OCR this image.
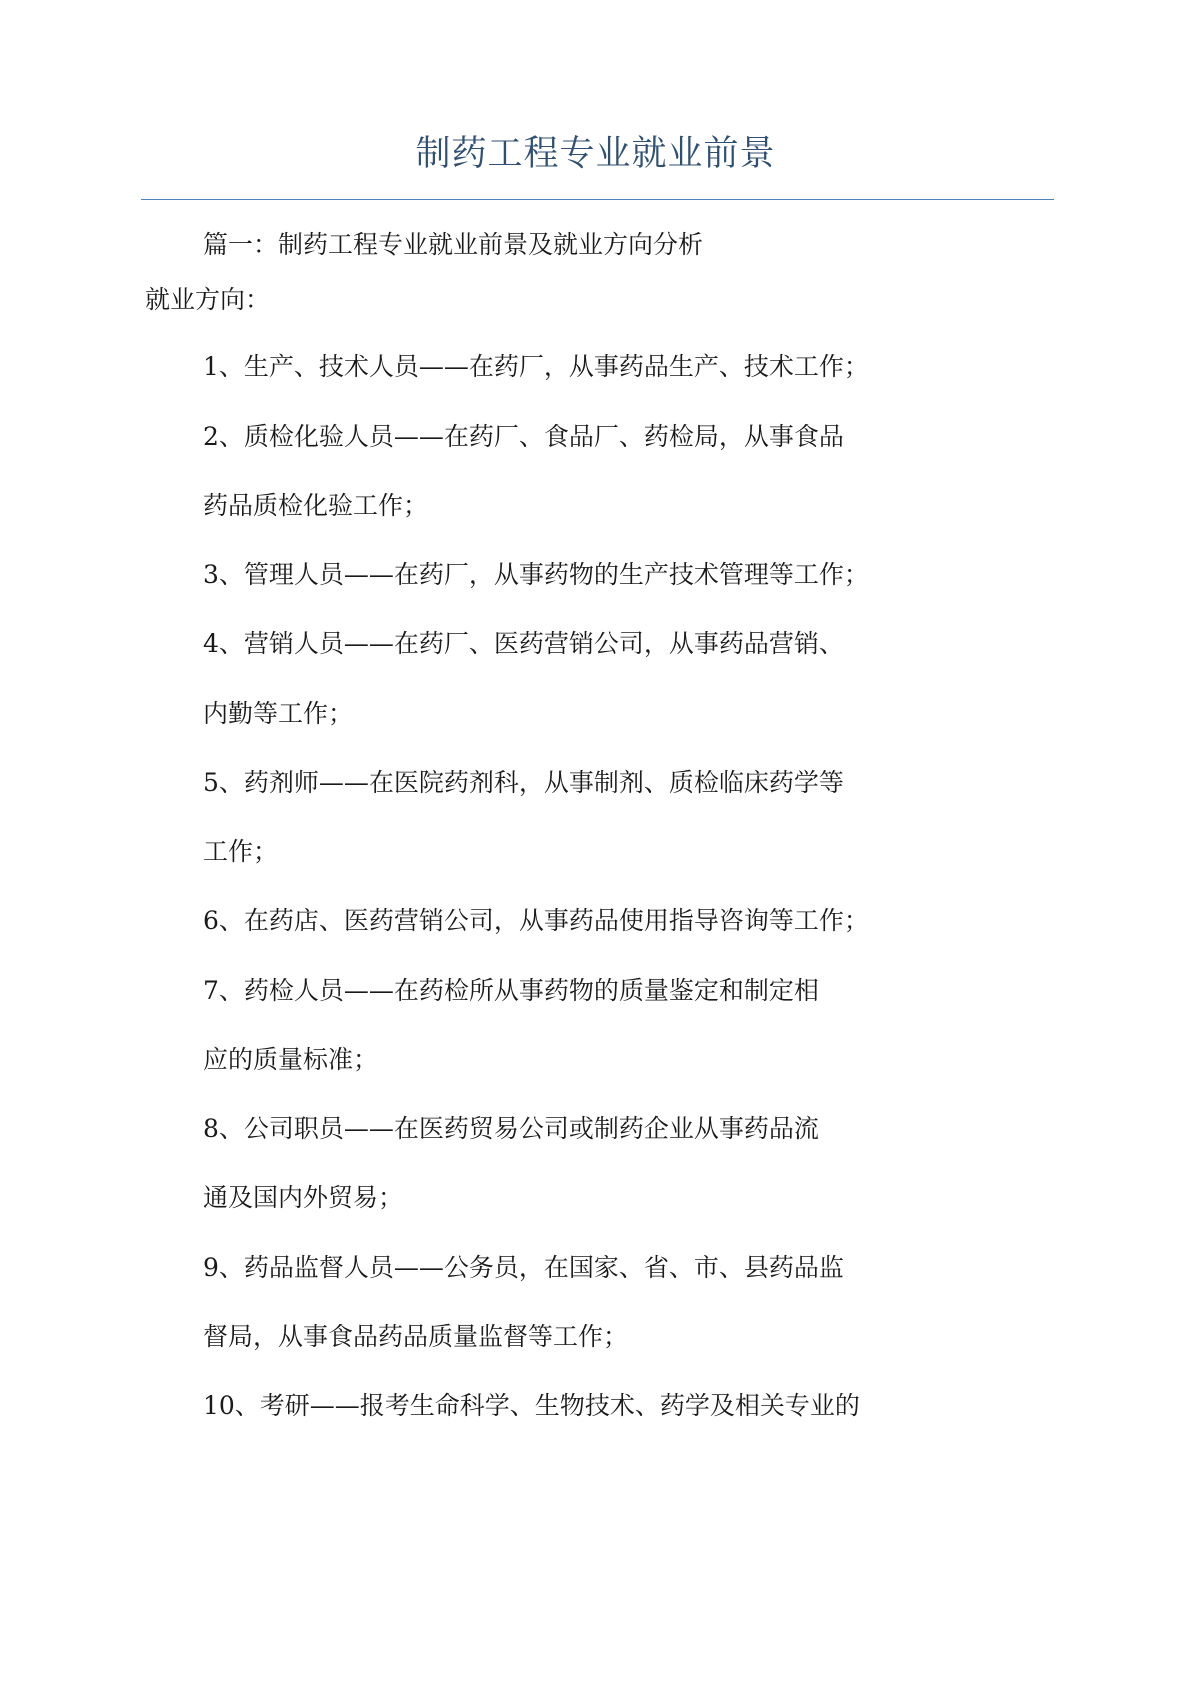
制药工程专业就业前景

篇一：制药工程专业就业前景及就业方向分析

就业方向：

1、生产、技术人员——在药厂，从事药品生产、技术工作；

2、质检化验人员——在药厂、食品厂、药检局，从事食品

药品质检化验工作；

3、管理人员——在药厂，从事药物的生产技术管理等工作；

4、营销人员——在药厂、医药营销公司，从事药品营销、

内勤等工作；

5、药剂师——在医院药剂科，从事制剂、质检临床药学等

工作；

6、在药店、医药营销公司，从事药品使用指导咨询等工作；

7、药检人员——在药检所从事药物的质量鉴定和制定相

应的质量标准；

8、公司职员——在医药贸易公司或制药企业从事药品流

通及国内外贸易；

9、药品监督人员——公务员，在国家、省、市、县药品监

督局，从事食品药品质量监督等工作；

10、考研——报考生命科学、生物技术、药学及相关专业的
